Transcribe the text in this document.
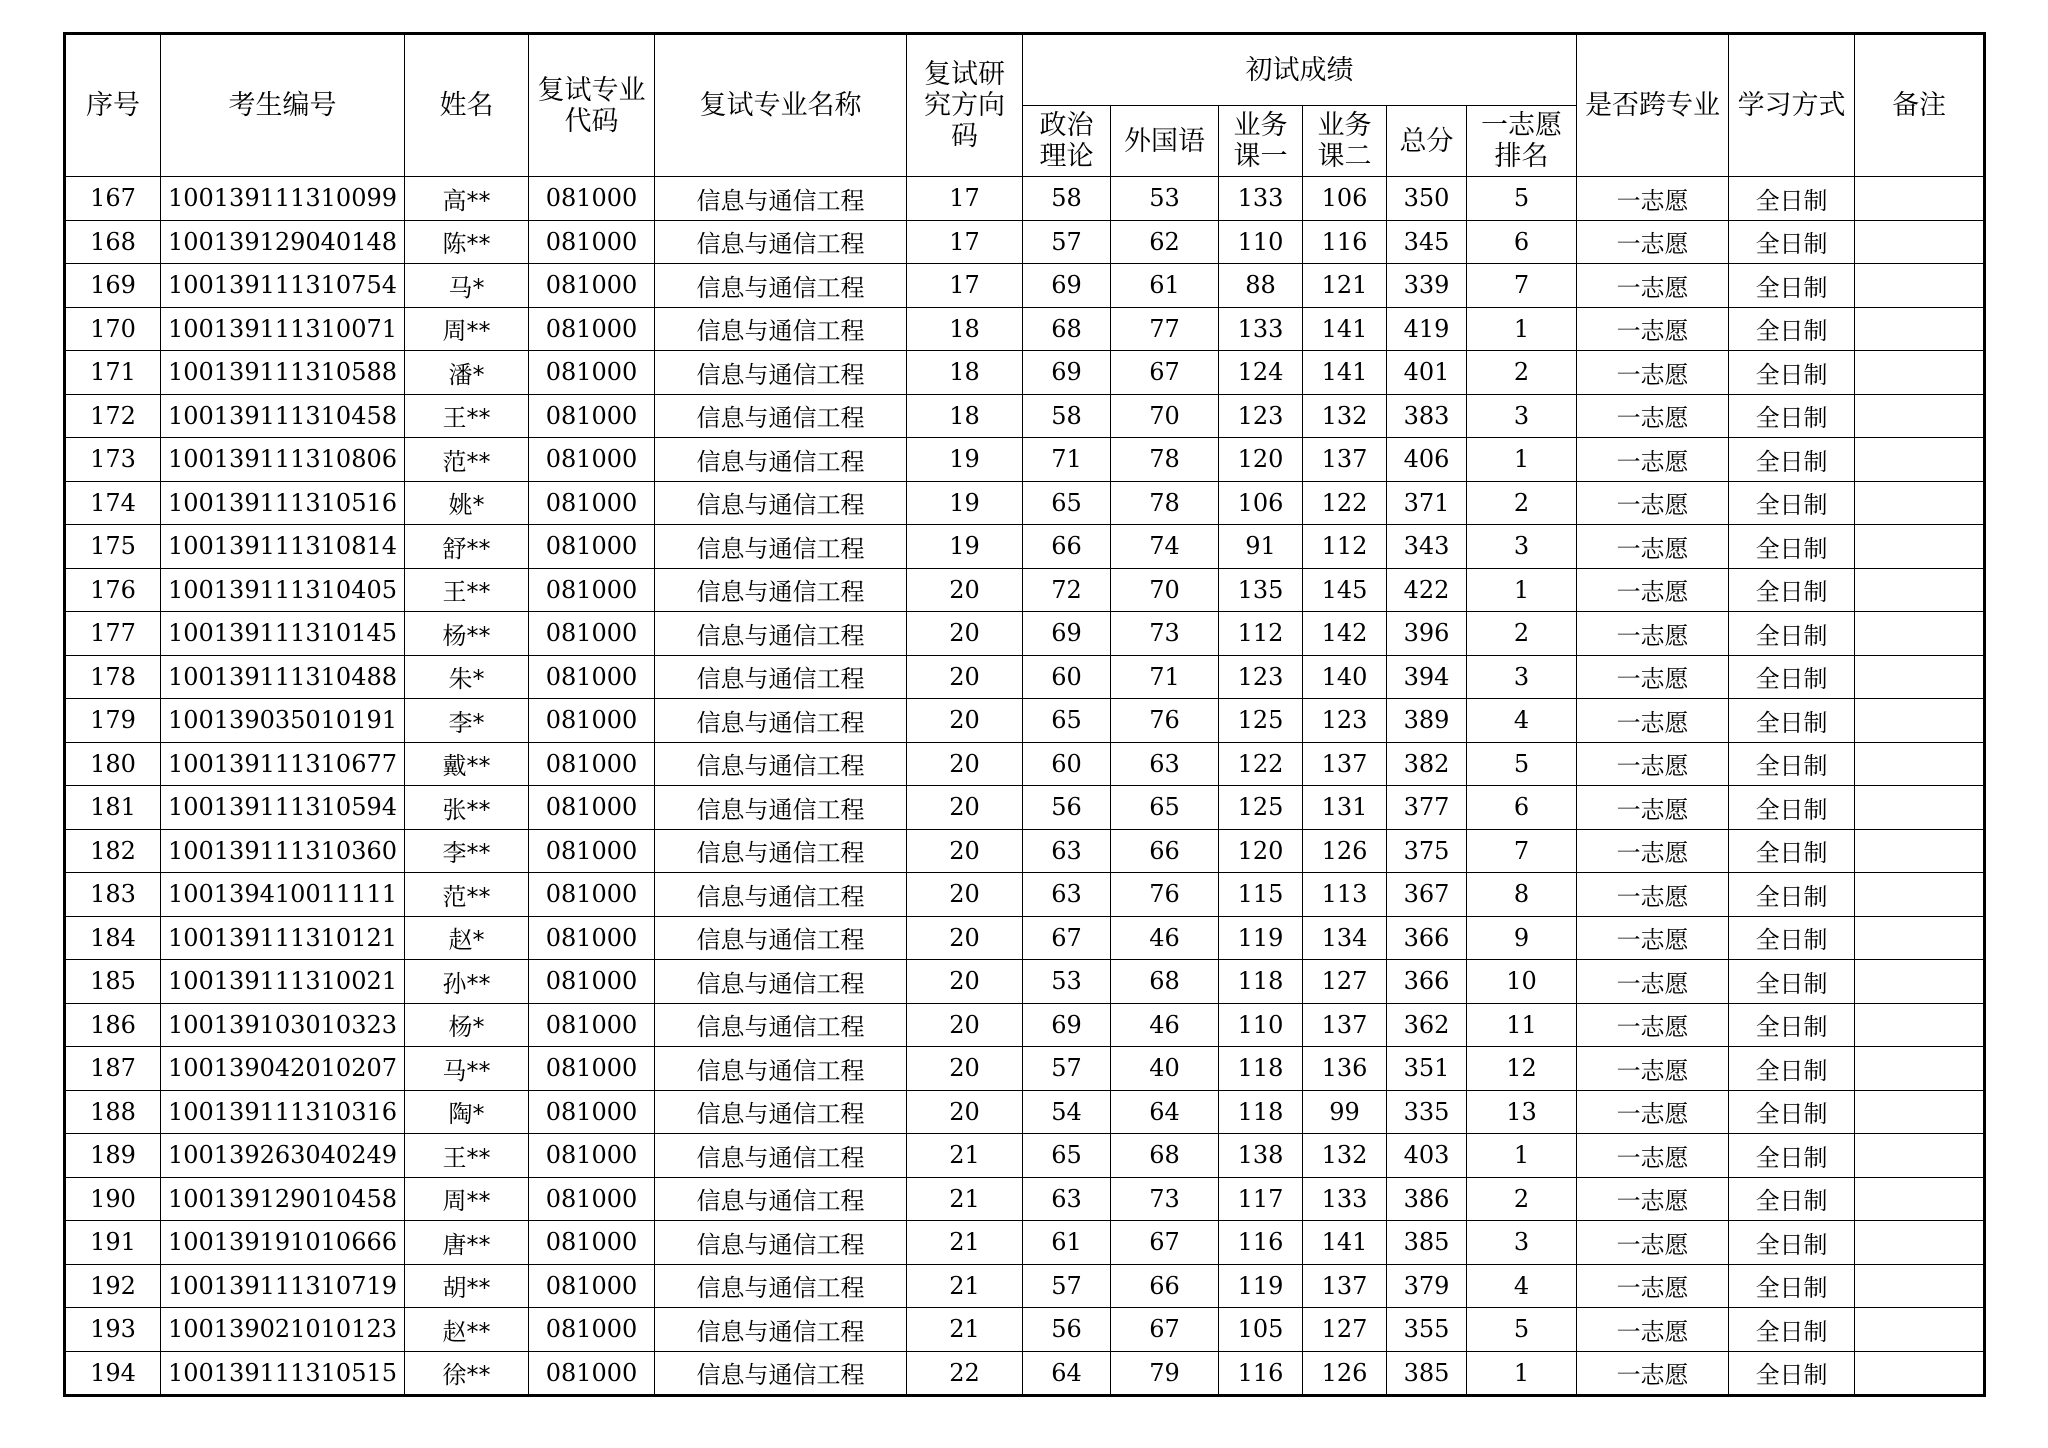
序号	考生编号	姓名	复试专业代码	复试专业名称	复试研究方向码	初试成绩						是否跨专业	学习方式	备注

						政治理论	外国语	业务课一	业务课二	总分	一志愿排名			

167	100139111310099	高**	081000	信息与通信工程	17	58	53	133	106	350	5	一志愿	全日制	
168	100139129040148	陈**	081000	信息与通信工程	17	57	62	110	116	345	6	一志愿	全日制	
169	100139111310754	马*	081000	信息与通信工程	17	69	61	88	121	339	7	一志愿	全日制	
170	100139111310071	周**	081000	信息与通信工程	18	68	77	133	141	419	1	一志愿	全日制	
171	100139111310588	潘*	081000	信息与通信工程	18	69	67	124	141	401	2	一志愿	全日制	
172	100139111310458	王**	081000	信息与通信工程	18	58	70	123	132	383	3	一志愿	全日制	
173	100139111310806	范**	081000	信息与通信工程	19	71	78	120	137	406	1	一志愿	全日制	
174	100139111310516	姚*	081000	信息与通信工程	19	65	78	106	122	371	2	一志愿	全日制	
175	100139111310814	舒**	081000	信息与通信工程	19	66	74	91	112	343	3	一志愿	全日制	
176	100139111310405	王**	081000	信息与通信工程	20	72	70	135	145	422	1	一志愿	全日制	
177	100139111310145	杨**	081000	信息与通信工程	20	69	73	112	142	396	2	一志愿	全日制	
178	100139111310488	朱*	081000	信息与通信工程	20	60	71	123	140	394	3	一志愿	全日制	
179	100139035010191	李*	081000	信息与通信工程	20	65	76	125	123	389	4	一志愿	全日制	
180	100139111310677	戴**	081000	信息与通信工程	20	60	63	122	137	382	5	一志愿	全日制	
181	100139111310594	张**	081000	信息与通信工程	20	56	65	125	131	377	6	一志愿	全日制	
182	100139111310360	李**	081000	信息与通信工程	20	63	66	120	126	375	7	一志愿	全日制	
183	100139410011111	范**	081000	信息与通信工程	20	63	76	115	113	367	8	一志愿	全日制	
184	100139111310121	赵*	081000	信息与通信工程	20	67	46	119	134	366	9	一志愿	全日制	
185	100139111310021	孙**	081000	信息与通信工程	20	53	68	118	127	366	10	一志愿	全日制	
186	100139103010323	杨*	081000	信息与通信工程	20	69	46	110	137	362	11	一志愿	全日制	
187	100139042010207	马**	081000	信息与通信工程	20	57	40	118	136	351	12	一志愿	全日制	
188	100139111310316	陶*	081000	信息与通信工程	20	54	64	118	99	335	13	一志愿	全日制	
189	100139263040249	王**	081000	信息与通信工程	21	65	68	138	132	403	1	一志愿	全日制	
190	100139129010458	周**	081000	信息与通信工程	21	63	73	117	133	386	2	一志愿	全日制	
191	100139191010666	唐**	081000	信息与通信工程	21	61	67	116	141	385	3	一志愿	全日制	
192	100139111310719	胡**	081000	信息与通信工程	21	57	66	119	137	379	4	一志愿	全日制	
193	100139021010123	赵**	081000	信息与通信工程	21	56	67	105	127	355	5	一志愿	全日制	
194	100139111310515	徐**	081000	信息与通信工程	22	64	79	116	126	385	1	一志愿	全日制	
